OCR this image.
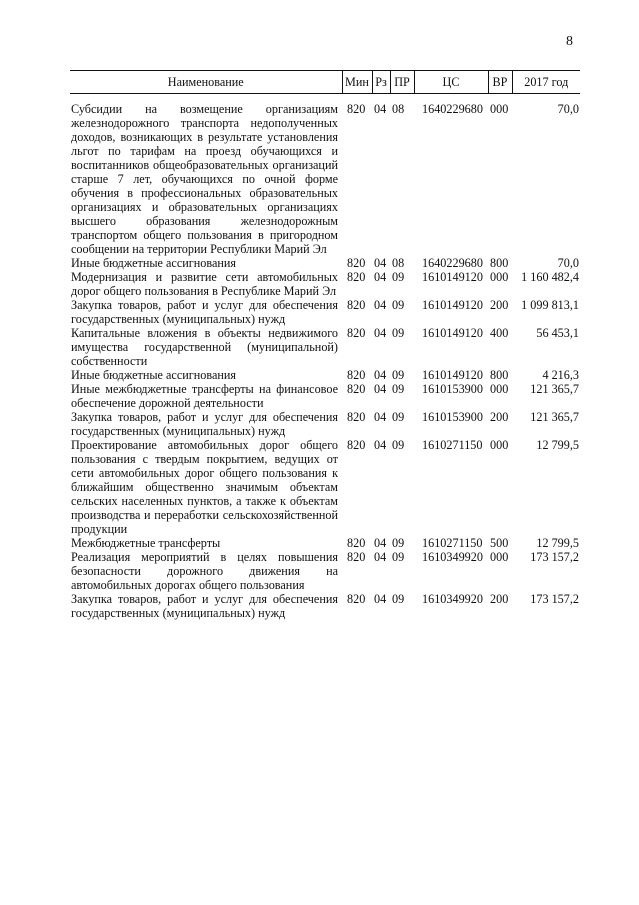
8
Наименование	Мин	Рз	ПР	ЦС	ВР	2017 год
Субсидии на возмещение организациям железнодорожного транспорта недополученных доходов, возникающих в результате установления льгот по тарифам на проезд обучающихся и воспитанников общеобразовательных организаций старше 7 лет, обучающихся по очной форме обучения в профессиональных образовательных организациях и образовательных организациях высшего образования железнодорожным транспортом общего пользования в пригородном сообщении на территории Республики Марий Эл	820	04	08	1640229680	000	70,0
Иные бюджетные ассигнования	820	04	08	1640229680	800	70,0
Модернизация и развитие сети автомобильных дорог общего пользования в Республике Марий Эл	820	04	09	1610149120	000	1 160 482,4
Закупка товаров, работ и услуг для обеспечения государственных (муниципальных) нужд	820	04	09	1610149120	200	1 099 813,1
Капитальные вложения в объекты недвижимого имущества государственной (муниципальной) собственности	820	04	09	1610149120	400	56 453,1
Иные бюджетные ассигнования	820	04	09	1610149120	800	4 216,3
Иные межбюджетные трансферты на финансовое обеспечение дорожной деятельности	820	04	09	1610153900	000	121 365,7
Закупка товаров, работ и услуг для обеспечения государственных (муниципальных) нужд	820	04	09	1610153900	200	121 365,7
Проектирование автомобильных дорог общего пользования с твердым покрытием, ведущих от сети автомобильных дорог общего пользования к ближайшим общественно значимым объектам сельских населенных пунктов, а также к объектам производства и переработки сельскохозяйственной продукции	820	04	09	1610271150	000	12 799,5
Межбюджетные трансферты	820	04	09	1610271150	500	12 799,5
Реализация мероприятий в целях повышения безопасности дорожного движения на автомобильных дорогах общего пользования	820	04	09	1610349920	000	173 157,2
Закупка товаров, работ и услуг для обеспечения государственных (муниципальных) нужд	820	04	09	1610349920	200	173 157,2
